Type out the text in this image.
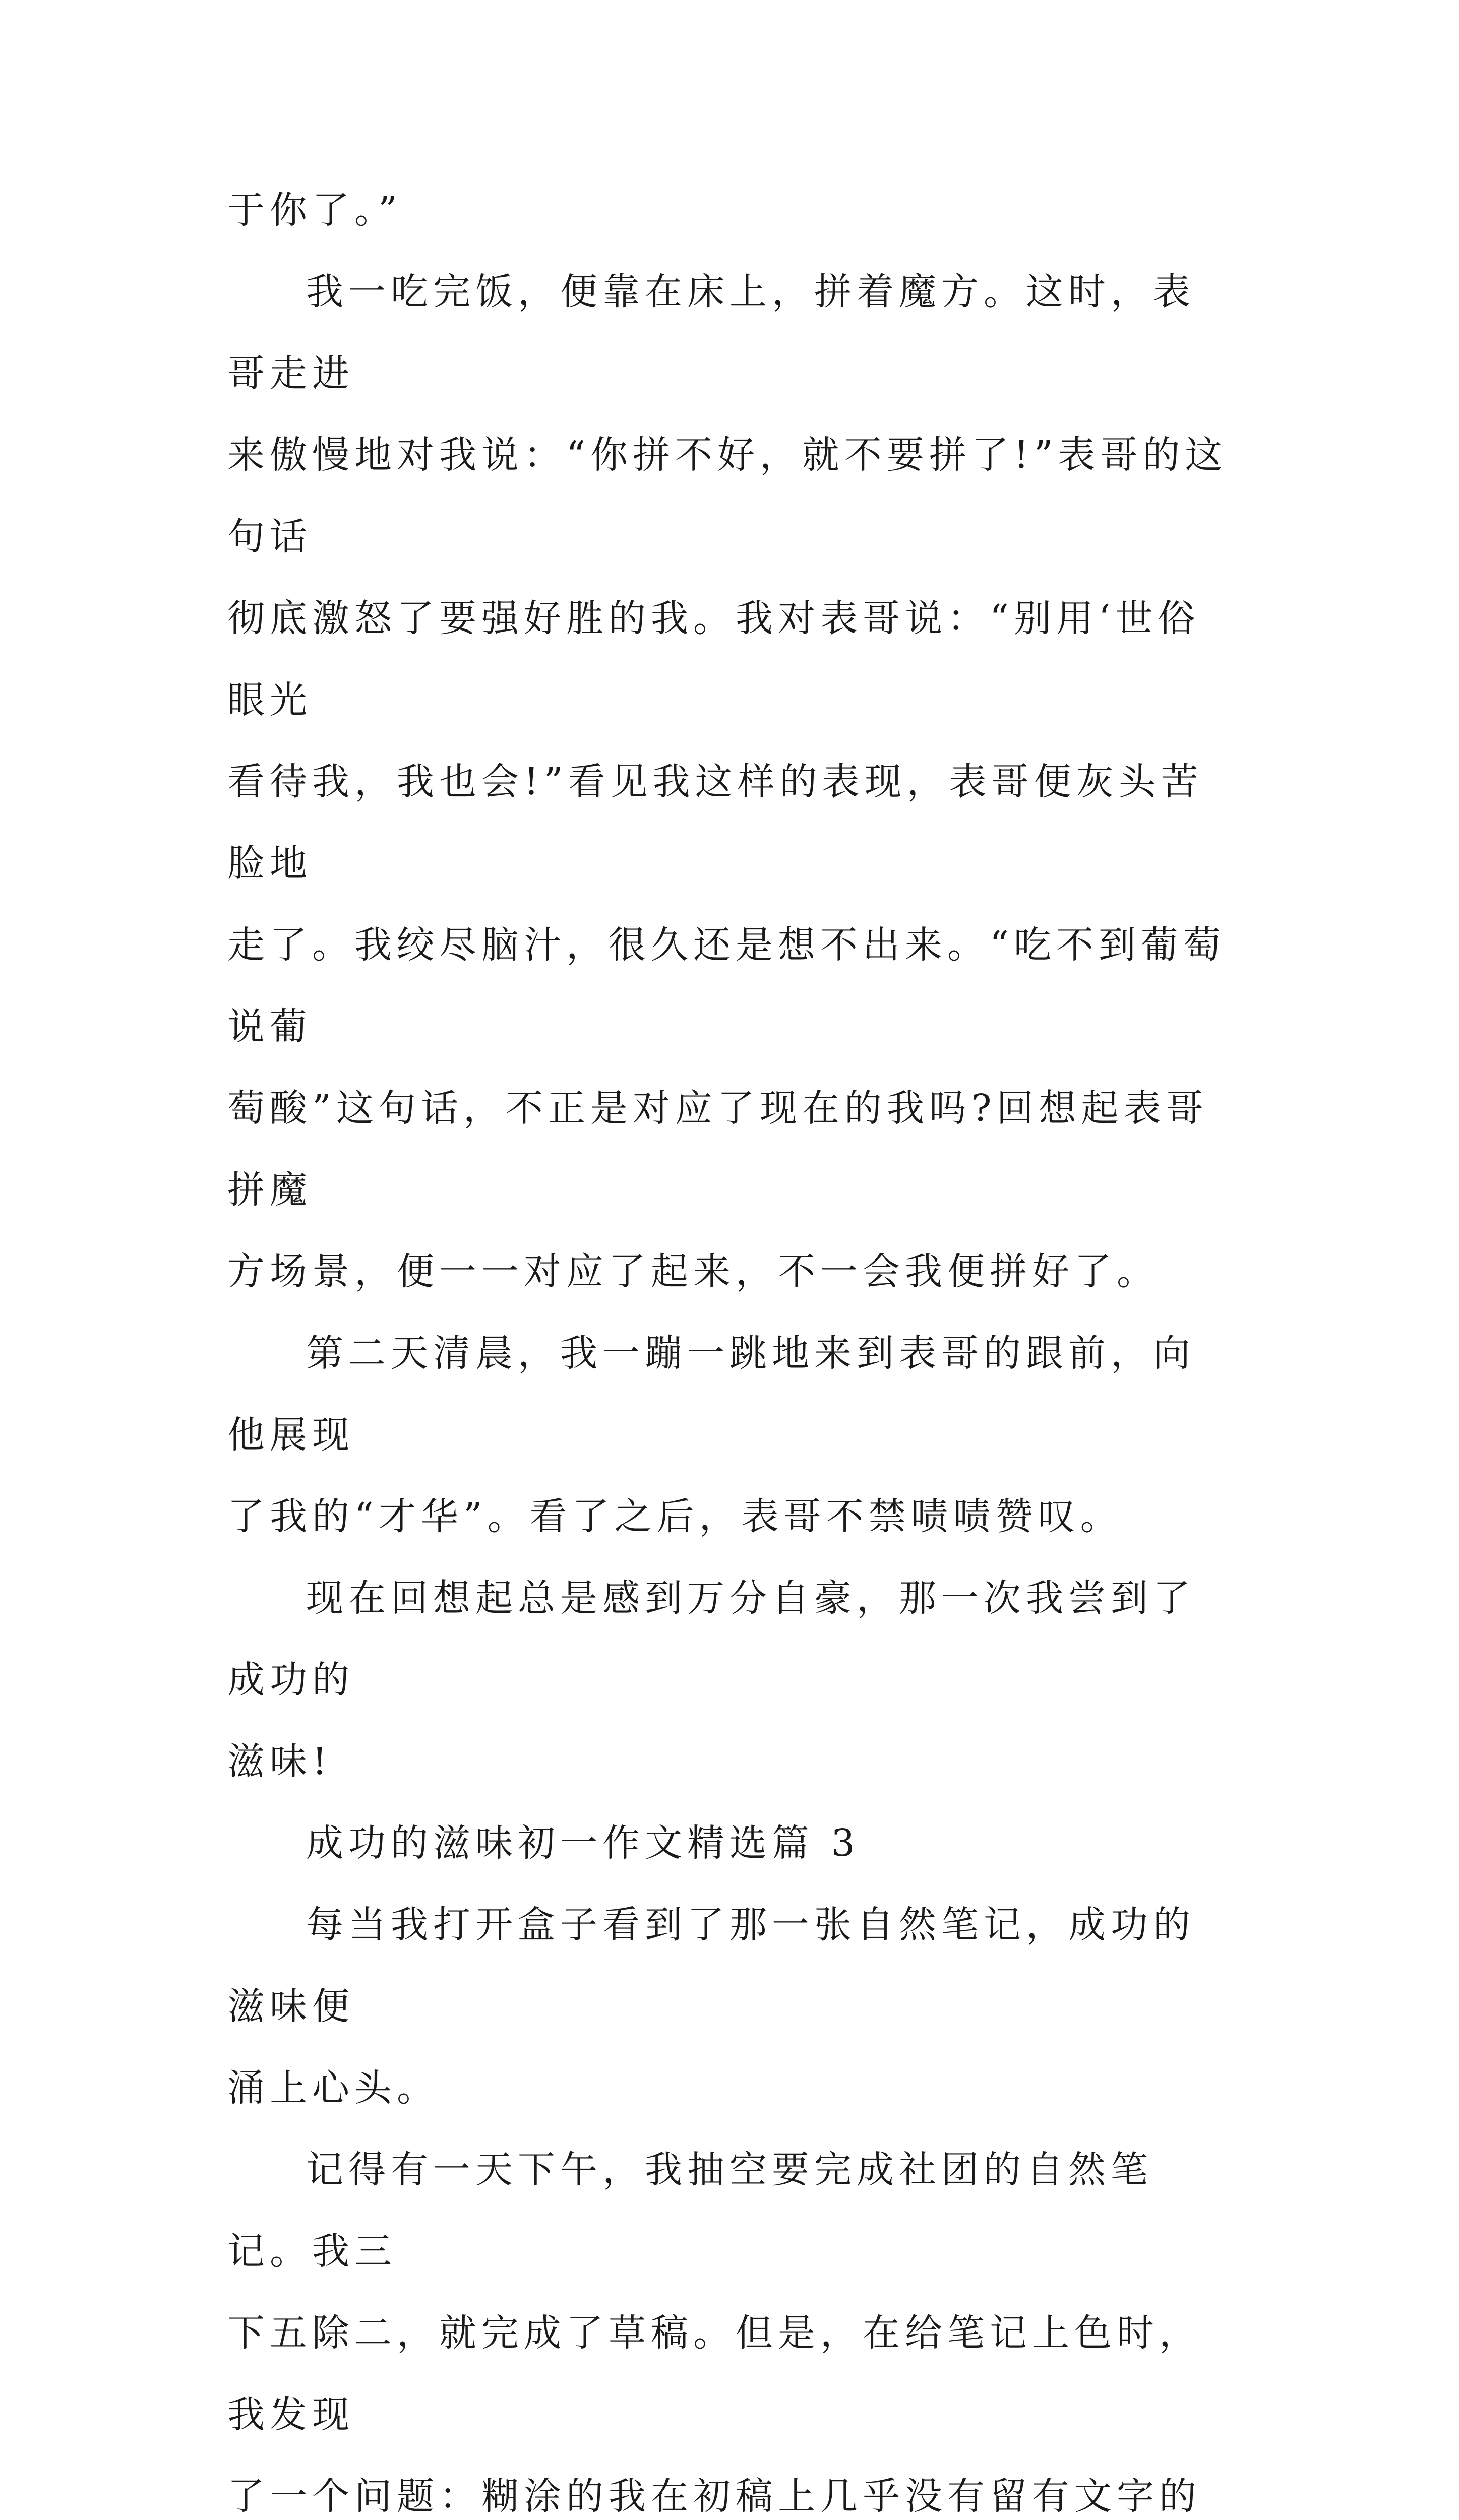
于你了。”

我一吃完饭，便靠在床上，拼着魔方。这时，表哥走进
来傲慢地对我说：“你拼不好，就不要拼了!”表哥的这句话
彻底激怒了要强好胜的我。我对表哥说：“别用‘世俗眼光
看待我，我也会!”看见我这样的表现，表哥便灰头苦脸地
走了。我绞尽脑汁，很久还是想不出来。“吃不到葡萄说葡
萄酸”这句话，不正是对应了现在的我吗?回想起表哥拼魔
方场景，便一一对应了起来，不一会我便拼好了。

第二天清晨，我一蹦一跳地来到表哥的跟前，向他展现
了我的“才华”。看了之后，表哥不禁啧啧赞叹。

现在回想起总是感到万分自豪，那一次我尝到了成功的
滋味!

成功的滋味初一作文精选篇 3

每当我打开盒子看到了那一张自然笔记，成功的滋味便
涌上心头。

记得有一天下午，我抽空要完成社团的自然笔记。我三
下五除二，就完成了草稿。但是，在给笔记上色时，我发现
了一个问题：糊涂的我在初稿上几乎没有留有文字的
